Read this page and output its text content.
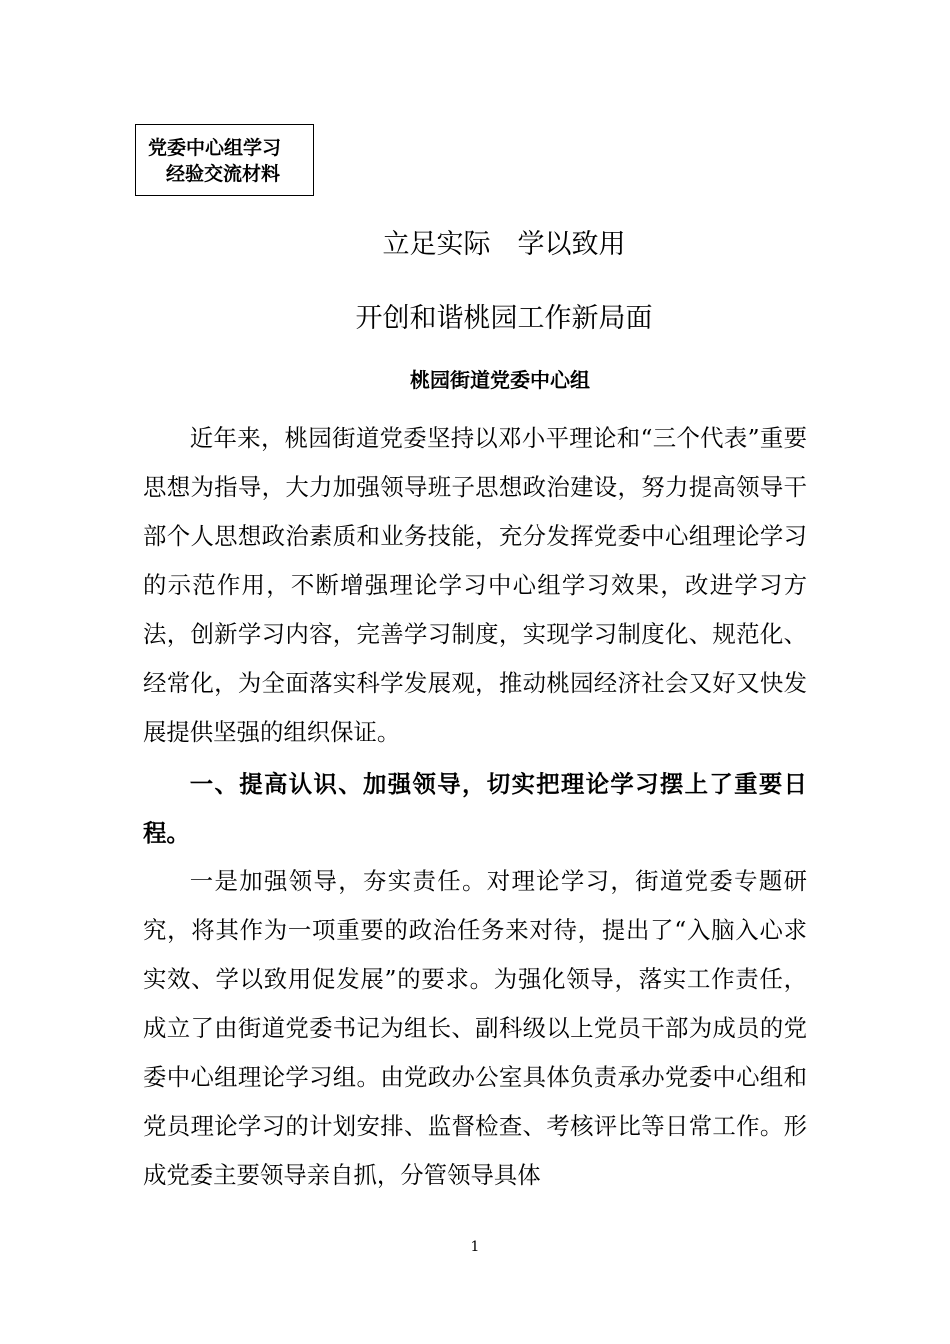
党委中心组学习
经验交流材料
立足实际　学以致用
开创和谐桃园工作新局面
桃园街道党委中心组

近年来，桃园街道党委坚持以邓小平理论和“三个代表”重要思想为指导，大力加强领导班子思想政治建设，努力提高领导干部个人思想政治素质和业务技能，充分发挥党委中心组理论学习的示范作用，不断增强理论学习中心组学习效果，改进学习方法，创新学习内容，完善学习制度，实现学习制度化、规范化、经常化，为全面落实科学发展观，推动桃园经济社会又好又快发展提供坚强的组织保证。

一、提高认识、加强领导，切实把理论学习摆上了重要日程。

一是加强领导，夯实责任。对理论学习，街道党委专题研究，将其作为一项重要的政治任务来对待，提出了“入脑入心求实效、学以致用促发展”的要求。为强化领导，落实工作责任，成立了由街道党委书记为组长、副科级以上党员干部为成员的党委中心组理论学习组。由党政办公室具体负责承办党委中心组和党员理论学习的计划安排、监督检查、考核评比等日常工作。形成党委主要领导亲自抓，分管领导具体

1
